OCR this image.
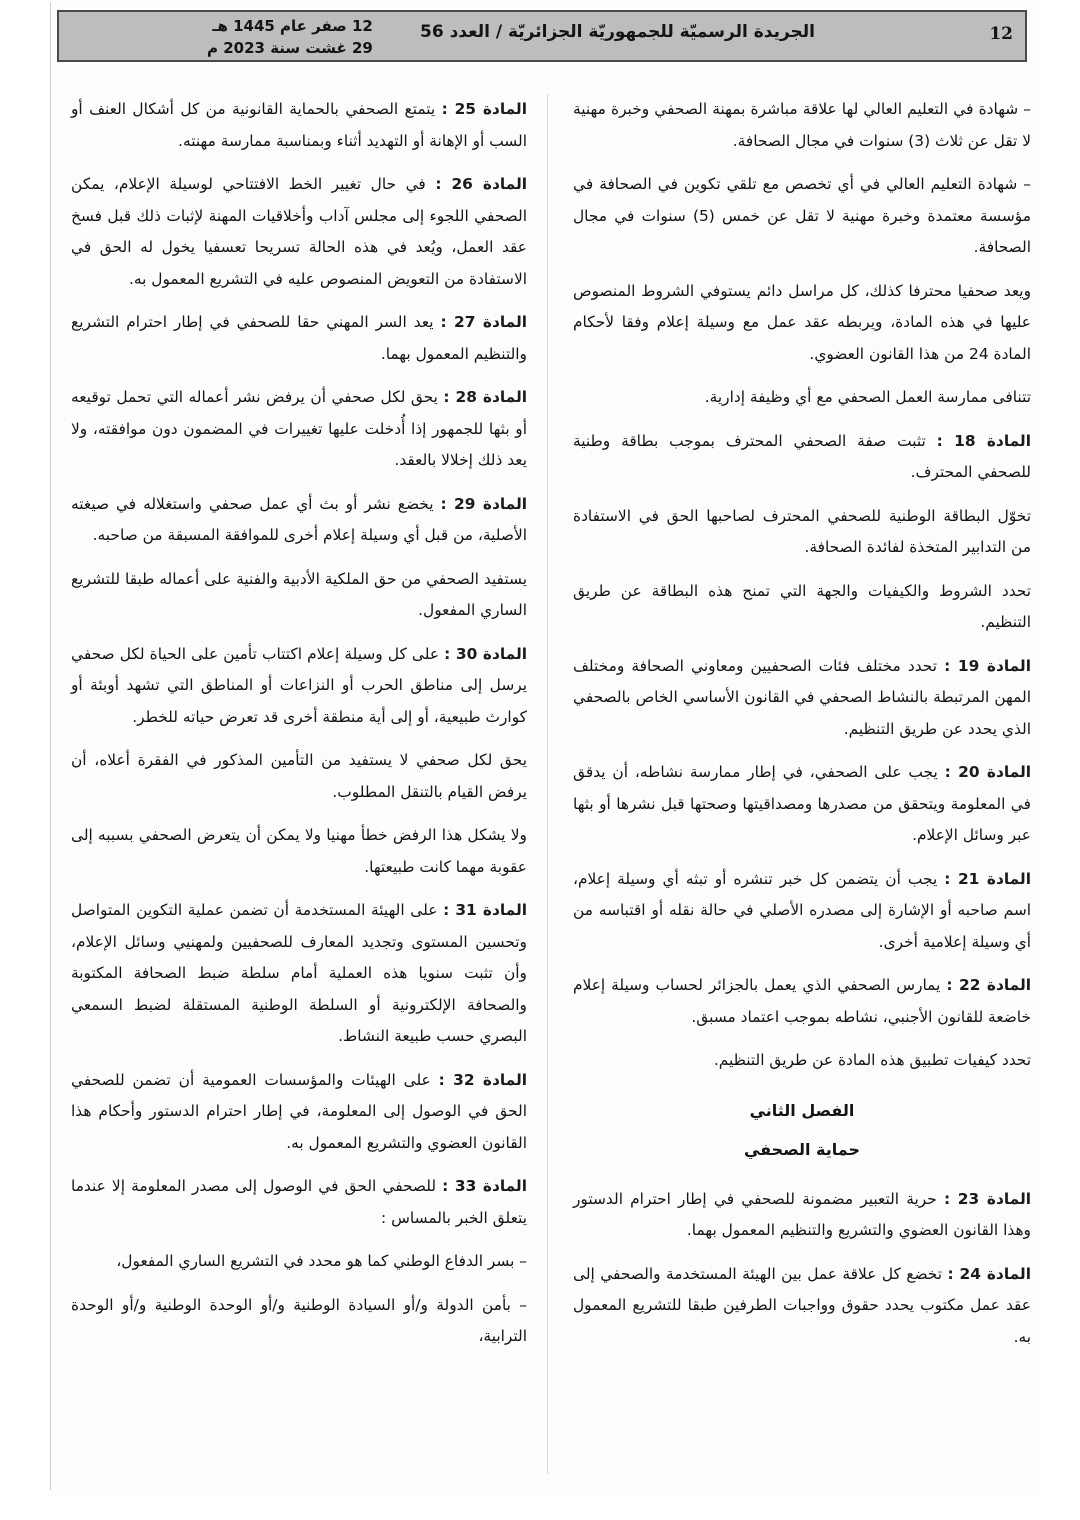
12
الجريدة الرسميّة للجمهوريّة الجزائريّة / العدد 56
12 صفر عام 1445 هـ
29 غشت سنة 2023 م

– شهادة في التعليم العالي لها علاقة مباشرة بمهنة الصحفي وخبرة مهنية لا تقل عن ثلاث (3) سنوات في مجال الصحافة.

– شهادة التعليم العالي في أي تخصص مع تلقي تكوين في الصحافة في مؤسسة معتمدة وخبرة مهنية لا تقل عن خمس (5) سنوات في مجال الصحافة.

ويعد صحفيا محترفا كذلك، كل مراسل دائم يستوفي الشروط المنصوص عليها في هذه المادة، ويربطه عقد عمل مع وسيلة إعلام وفقا لأحكام المادة 24 من هذا القانون العضوي.

تتنافى ممارسة العمل الصحفي مع أي وظيفة إدارية.

المادة 18 : تثبت صفة الصحفي المحترف بموجب بطاقة وطنية للصحفي المحترف.

تخوّل البطاقة الوطنية للصحفي المحترف لصاحبها الحق في الاستفادة من التدابير المتخذة لفائدة الصحافة.

تحدد الشروط والكيفيات والجهة التي تمنح هذه البطاقة عن طريق التنظيم.

المادة 19 : تحدد مختلف فئات الصحفيين ومعاوني الصحافة ومختلف المهن المرتبطة بالنشاط الصحفي في القانون الأساسي الخاص بالصحفي الذي يحدد عن طريق التنظيم.

المادة 20 : يجب على الصحفي، في إطار ممارسة نشاطه، أن يدقق في المعلومة ويتحقق من مصدرها ومصداقيتها وصحتها قبل نشرها أو بثها عبر وسائل الإعلام.

المادة 21 : يجب أن يتضمن كل خبر تنشره أو تبثه أي وسيلة إعلام، اسم صاحبه أو الإشارة إلى مصدره الأصلي في حالة نقله أو اقتباسه من أي وسيلة إعلامية أخرى.

المادة 22 : يمارس الصحفي الذي يعمل بالجزائر لحساب وسيلة إعلام خاضعة للقانون الأجنبي، نشاطه بموجب اعتماد مسبق.

تحدد كيفيات تطبيق هذه المادة عن طريق التنظيم.

الفصل الثاني
حماية الصحفي

المادة 23 : حرية التعبير مضمونة للصحفي في إطار احترام الدستور وهذا القانون العضوي والتشريع والتنظيم المعمول بهما.

المادة 24 : تخضع كل علاقة عمل بين الهيئة المستخدمة والصحفي إلى عقد عمل مكتوب يحدد حقوق وواجبات الطرفين طبقا للتشريع المعمول به.

المادة 25 : يتمتع الصحفي بالحماية القانونية من كل أشكال العنف أو السب أو الإهانة أو التهديد أثناء وبمناسبة ممارسة مهنته.

المادة 26 : في حال تغيير الخط الافتتاحي لوسيلة الإعلام، يمكن الصحفي اللجوء إلى مجلس آداب وأخلاقيات المهنة لإثبات ذلك قبل فسخ عقد العمل، ويُعد في هذه الحالة تسريحا تعسفيا يخول له الحق في الاستفادة من التعويض المنصوص عليه في التشريع المعمول به.

المادة 27 : يعد السر المهني حقا للصحفي في إطار احترام التشريع والتنظيم المعمول بهما.

المادة 28 : يحق لكل صحفي أن يرفض نشر أعماله التي تحمل توقيعه أو بثها للجمهور إذا أُدخلت عليها تغييرات في المضمون دون موافقته، ولا يعد ذلك إخلالا بالعقد.

المادة 29 : يخضع نشر أو بث أي عمل صحفي واستغلاله في صيغته الأصلية، من قبل أي وسيلة إعلام أخرى للموافقة المسبقة من صاحبه.

يستفيد الصحفي من حق الملكية الأدبية والفنية على أعماله طبقا للتشريع الساري المفعول.

المادة 30 : على كل وسيلة إعلام اكتتاب تأمين على الحياة لكل صحفي يرسل إلى مناطق الحرب أو النزاعات أو المناطق التي تشهد أوبئة أو كوارث طبيعية، أو إلى أية منطقة أخرى قد تعرض حياته للخطر.

يحق لكل صحفي لا يستفيد من التأمين المذكور في الفقرة أعلاه، أن يرفض القيام بالتنقل المطلوب.

ولا يشكل هذا الرفض خطأ مهنيا ولا يمكن أن يتعرض الصحفي بسببه إلى عقوبة مهما كانت طبيعتها.

المادة 31 : على الهيئة المستخدمة أن تضمن عملية التكوين المتواصل وتحسين المستوى وتجديد المعارف للصحفيين ولمهنيي وسائل الإعلام، وأن تثبت سنويا هذه العملية أمام سلطة ضبط الصحافة المكتوبة والصحافة الإلكترونية أو السلطة الوطنية المستقلة لضبط السمعي البصري حسب طبيعة النشاط.

المادة 32 : على الهيئات والمؤسسات العمومية أن تضمن للصحفي الحق في الوصول إلى المعلومة، في إطار احترام الدستور وأحكام هذا القانون العضوي والتشريع المعمول به.

المادة 33 : للصحفي الحق في الوصول إلى مصدر المعلومة إلا عندما يتعلق الخبر بالمساس :

– بسر الدفاع الوطني كما هو محدد في التشريع الساري المفعول،

– بأمن الدولة و/أو السيادة الوطنية و/أو الوحدة الوطنية و/أو الوحدة الترابية،
